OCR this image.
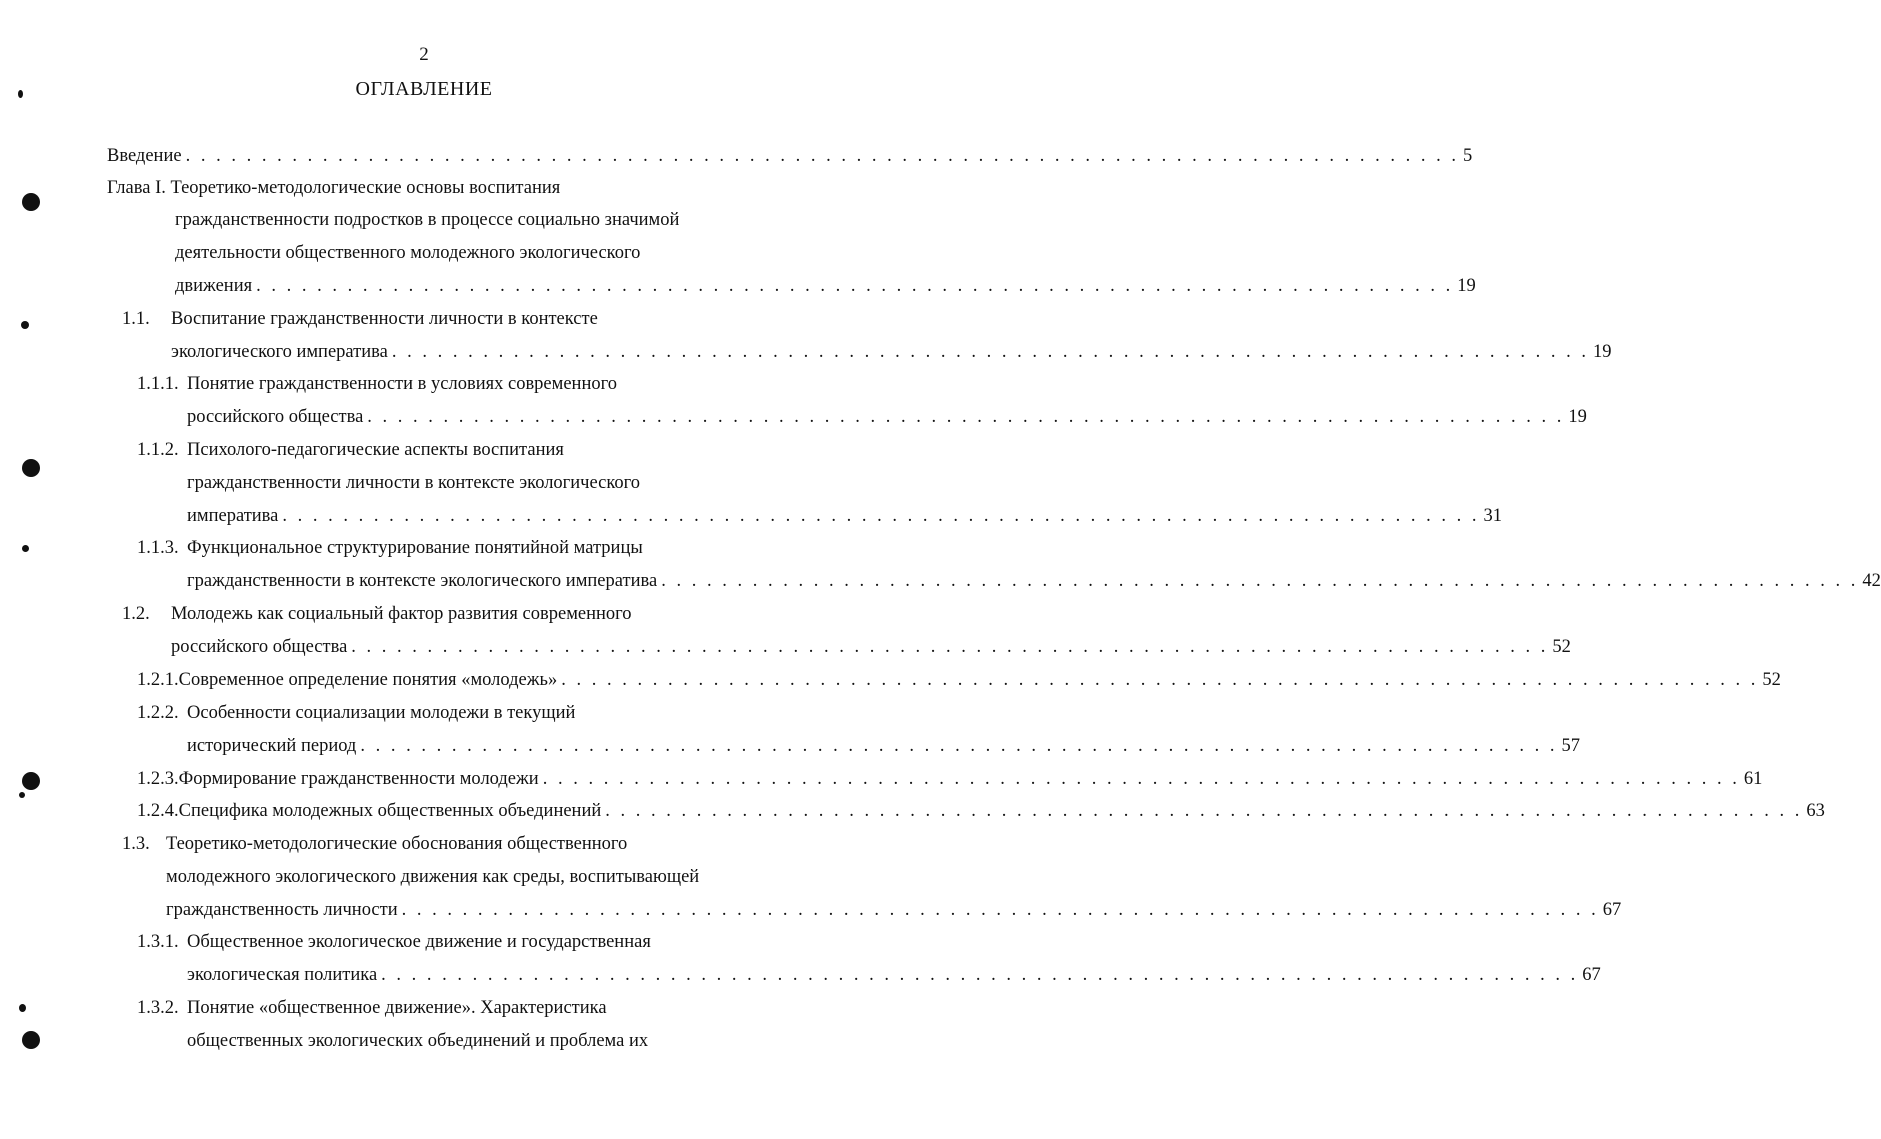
2
ОГЛАВЛЕНИЕ
Введение . . . . . . . . . . . . . . . . . . . . . . . . . . . . . . . . . . . . . . . . . . . . . . . . . . . . . . . . . . . . . . . . . . . . . . . . . . . . . . . . . . . . 5
Глава I. Теоретико-методологические основы воспитания
гражданственности подростков в процессе социально значимой
деятельности общественного молодежного экологического
движения . . . . . . . . . . . . . . . . . . . . . . . . . . . . . . . . . . . . . . . . . . . . . . . . . . . . . . . . . . . . . . . . . . . . . . . . . . . . . . . 19
1.1.	Воспитание гражданственности личности в контексте
экологического императива . . . . . . . . . . . . . . . . . . . . . . . . . . . . . . . . . . . . . . . . . . . . . . . . . . . . . . . . . . . . . . . . . . . . . . . . . . . . . . . 19
1.1.1. Понятие гражданственности в условиях современного
российского общества . . . . . . . . . . . . . . . . . . . . . . . . . . . . . . . . . . . . . . . . . . . . . . . . . . . . . . . . . . . . . . . . . . . . . . . . . . . . . . . 19
1.1.2. Психолого-педагогические аспекты воспитания
гражданственности личности в контексте экологического
императива . . . . . . . . . . . . . . . . . . . . . . . . . . . . . . . . . . . . . . . . . . . . . . . . . . . . . . . . . . . . . . . . . . . . . . . . . . . . . . . 31
1.1.3. Функциональное структурирование понятийной матрицы
гражданственности в контексте экологического императива . . . . . . . . . . . . . . . . . . . . . . . . . . . . . . . . . . . . . . . . . . . . . . . . . . . . . . . . . . . . . . . . . . . . . . . . . . . . . . . 42
1.2.	Молодежь как социальный фактор развития современного
российского общества . . . . . . . . . . . . . . . . . . . . . . . . . . . . . . . . . . . . . . . . . . . . . . . . . . . . . . . . . . . . . . . . . . . . . . . . . . . . . . . 52
1.2.1. Современное определение понятия «молодежь» . . . . . . . . . . . . . . . . . . . . . . . . . . . . . . . . . . . . . . . . . . . . . . . . . . . . . . . . . . . . . . . . . . . . . . . . . . . . . . . 52
1.2.2. Особенности социализации молодежи в текущий
исторический период . . . . . . . . . . . . . . . . . . . . . . . . . . . . . . . . . . . . . . . . . . . . . . . . . . . . . . . . . . . . . . . . . . . . . . . . . . . . . . . 57
1.2.3. Формирование гражданственности молодежи . . . . . . . . . . . . . . . . . . . . . . . . . . . . . . . . . . . . . . . . . . . . . . . . . . . . . . . . . . . . . . . . . . . . . . . . . . . . . . . 61
1.2.4. Специфика молодежных общественных объединений . . . . . . . . . . . . . . . . . . . . . . . . . . . . . . . . . . . . . . . . . . . . . . . . . . . . . . . . . . . . . . . . . . . . . . . . . . . . . . . 63
1.3. Теоретико-методологические обоснования общественного
молодежного экологического движения как среды, воспитывающей
гражданственность личности . . . . . . . . . . . . . . . . . . . . . . . . . . . . . . . . . . . . . . . . . . . . . . . . . . . . . . . . . . . . . . . . . . . . . . . . . . . . . . . 67
1.3.1. Общественное экологическое движение и государственная
экологическая политика . . . . . . . . . . . . . . . . . . . . . . . . . . . . . . . . . . . . . . . . . . . . . . . . . . . . . . . . . . . . . . . . . . . . . . . . . . . . . . . 67
1.3.2. Понятие «общественное движение». Характеристика
общественных экологических объединений и проблема их
